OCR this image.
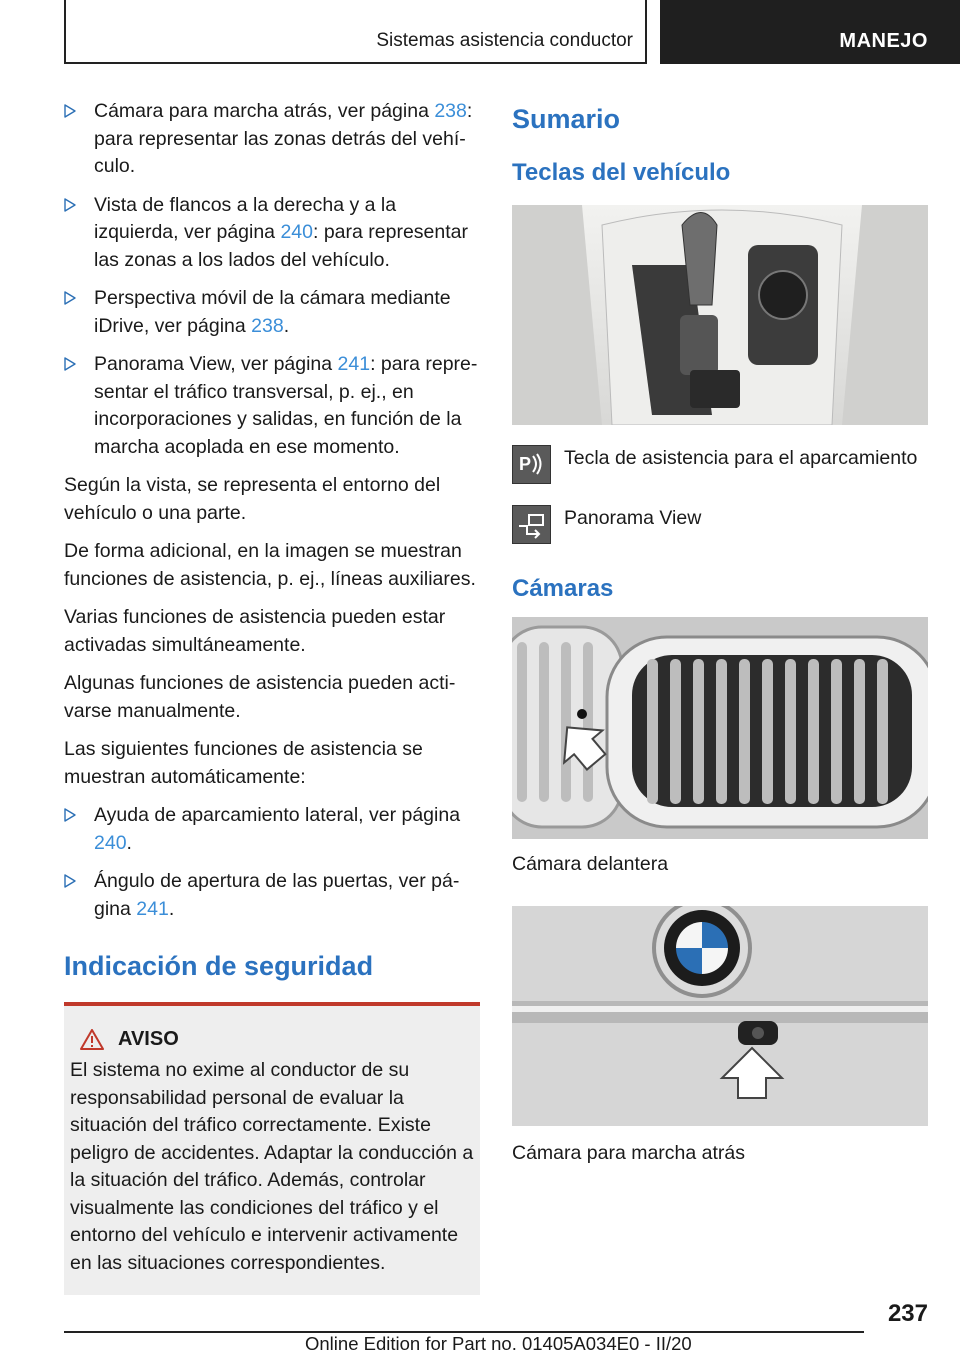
Sistemas asistencia conductor	MANEJO
Cámara para marcha atrás, ver página 238: para representar las zonas detrás del vehículo.
Vista de flancos a la derecha y a la izquierda, ver página 240: para representar las zonas a los lados del vehículo.
Perspectiva móvil de la cámara mediante iDrive, ver página 238.
Panorama View, ver página 241: para representar el tráfico transversal, p. ej., en incorporaciones y salidas, en función de la marcha acoplada en ese momento.

Según la vista, se representa el entorno del vehículo o una parte.

De forma adicional, en la imagen se muestran funciones de asistencia, p. ej., líneas auxiliares.

Varias funciones de asistencia pueden estar activadas simultáneamente.

Algunas funciones de asistencia pueden activarse manualmente.

Las siguientes funciones de asistencia se muestran automáticamente:

Ayuda de aparcamiento lateral, ver página 240.
Ángulo de apertura de las puertas, ver página 241.
Indicación de seguridad
AVISO

El sistema no exime al conductor de su responsabilidad personal de evaluar la situación del tráfico correctamente. Existe peligro de accidentes. Adaptar la conducción a la situación del tráfico. Además, controlar visualmente las condiciones del tráfico y el entorno del vehículo e intervenir activamente en las situaciones correspondientes.

Sumario
Teclas del vehículo
P Tecla de asistencia para el aparcamiento
Panorama View
Cámaras

Cámara delantera

Cámara para marcha atrás

237
Online Edition for Part no. 01405A034E0 - II/20
